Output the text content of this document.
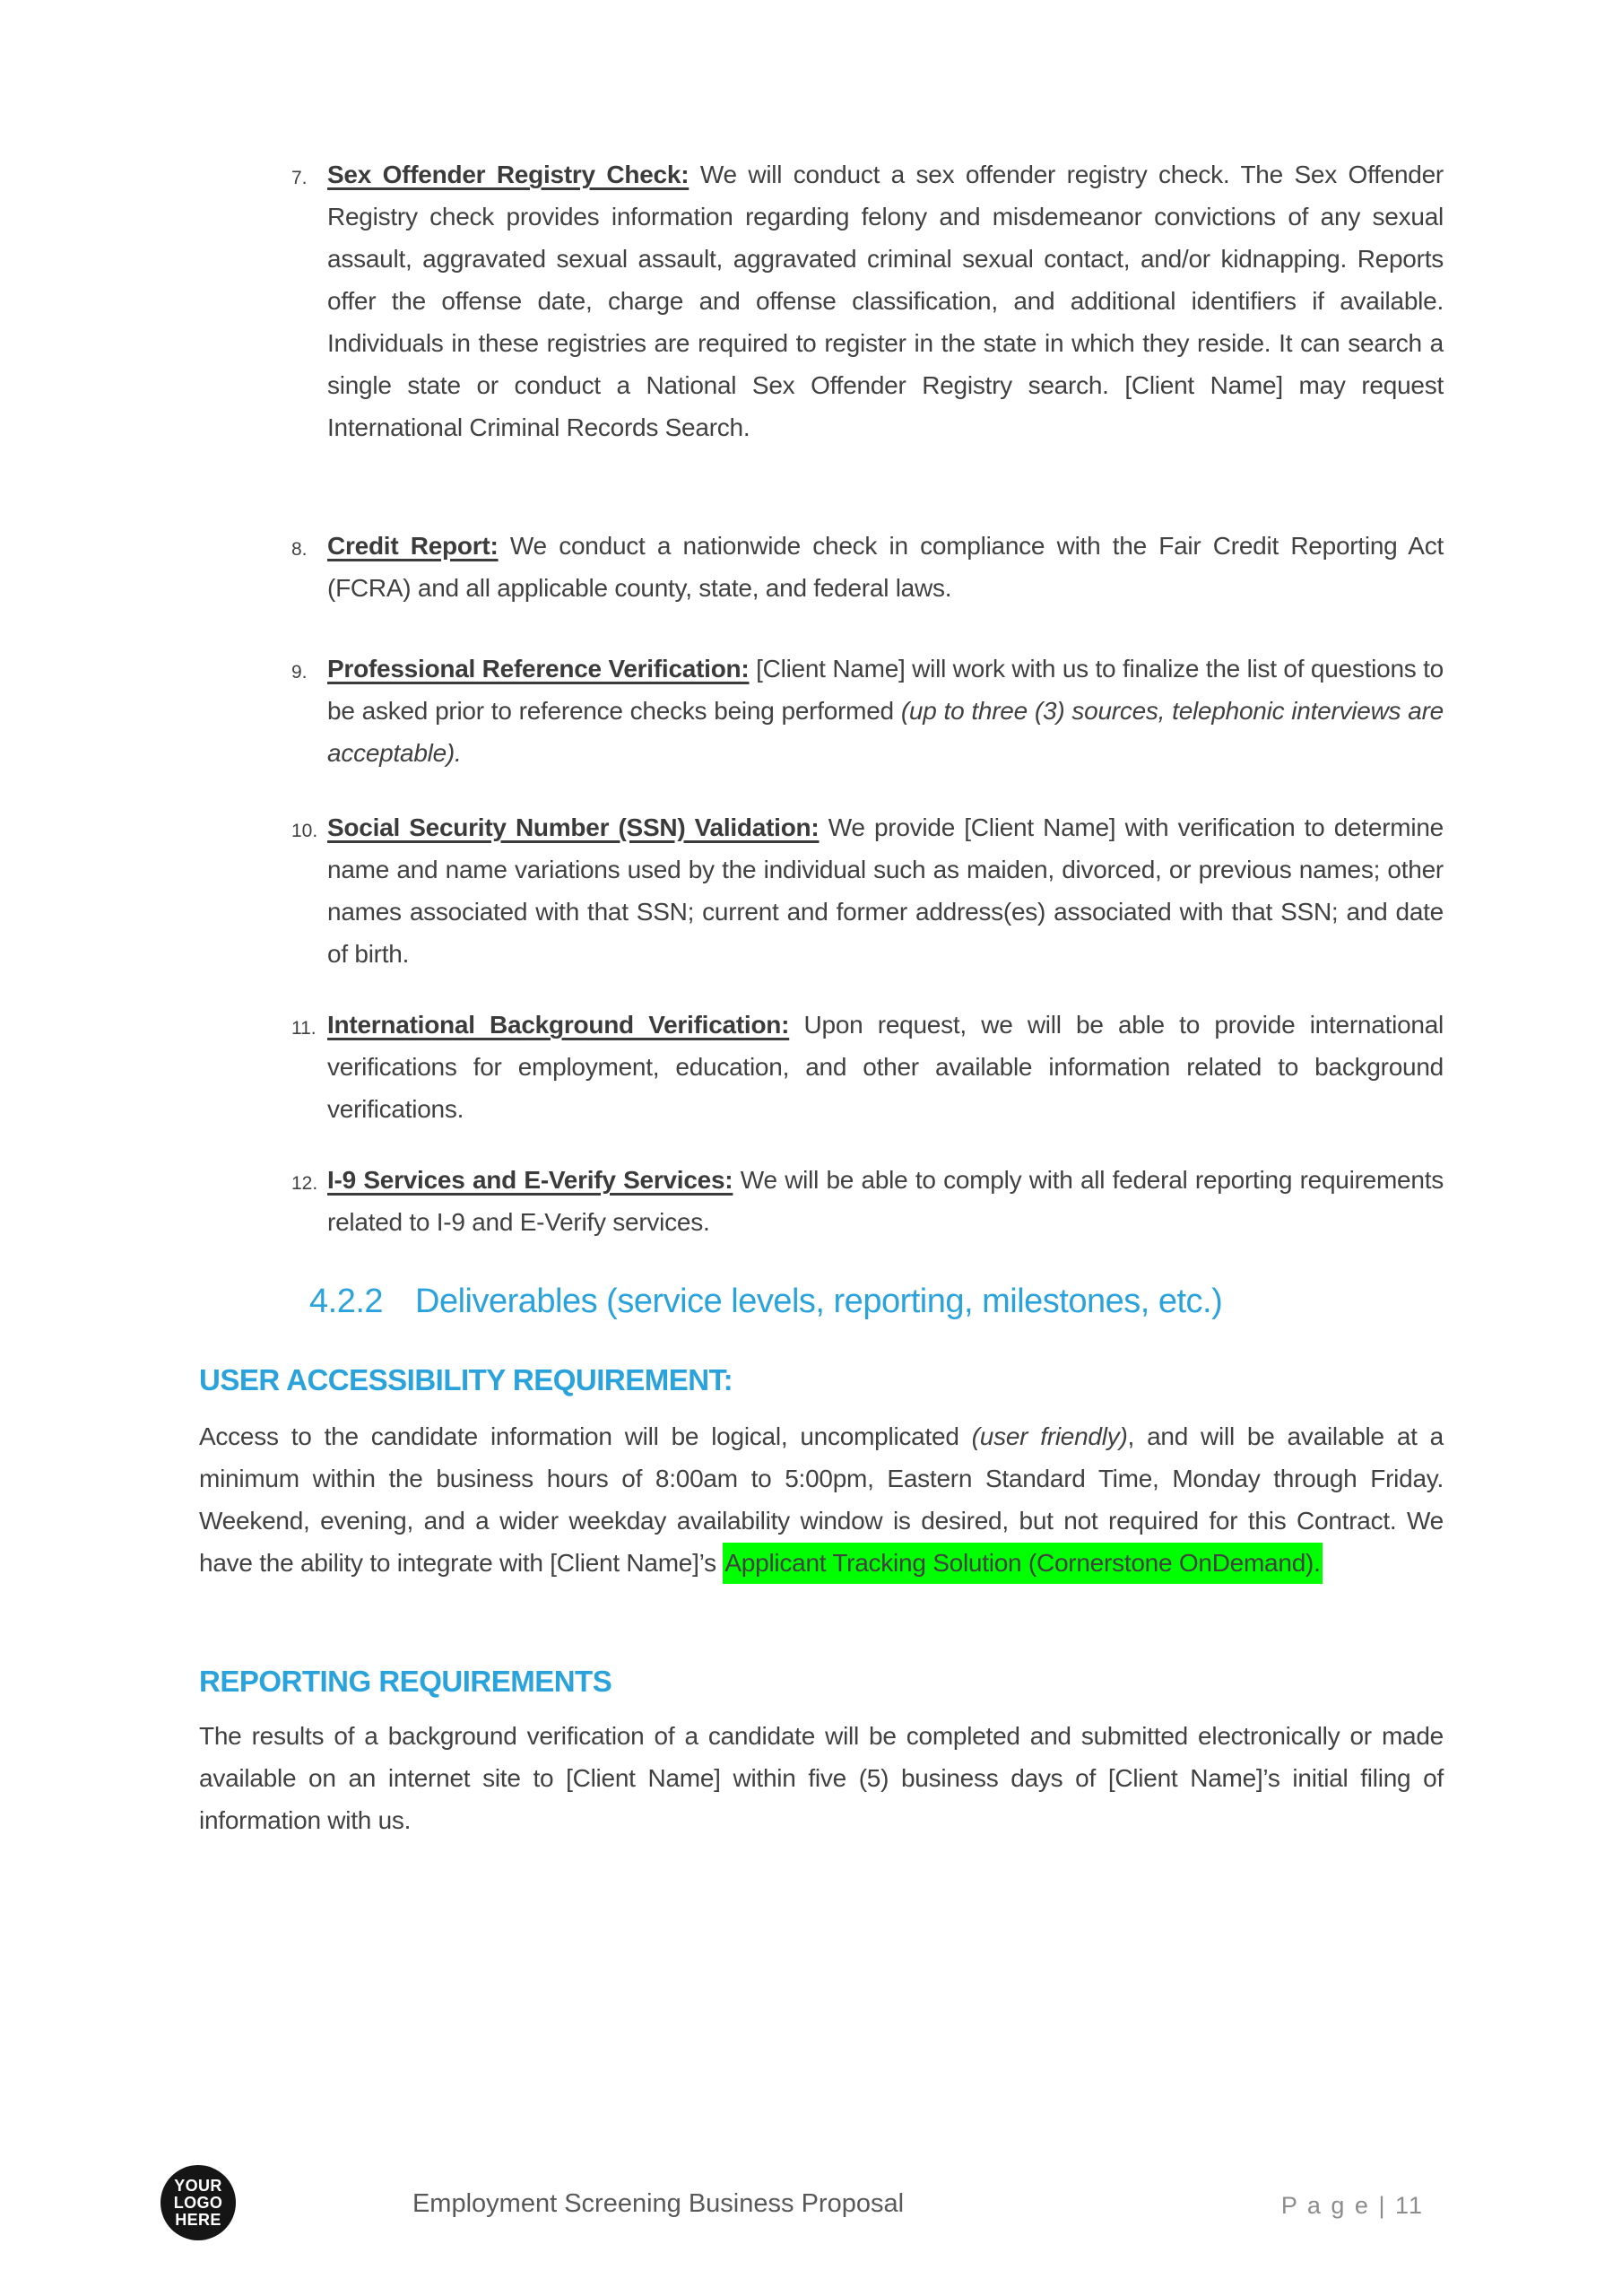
7. Sex Offender Registry Check: We will conduct a sex offender registry check. The Sex Offender Registry check provides information regarding felony and misdemeanor convictions of any sexual assault, aggravated sexual assault, aggravated criminal sexual contact, and/or kidnapping. Reports offer the offense date, charge and offense classification, and additional identifiers if available. Individuals in these registries are required to register in the state in which they reside. It can search a single state or conduct a National Sex Offender Registry search. [Client Name] may request International Criminal Records Search.

8. Credit Report: We conduct a nationwide check in compliance with the Fair Credit Reporting Act (FCRA) and all applicable county, state, and federal laws.

9. Professional Reference Verification: [Client Name] will work with us to finalize the list of questions to be asked prior to reference checks being performed (up to three (3) sources, telephonic interviews are acceptable).

10. Social Security Number (SSN) Validation: We provide [Client Name] with verification to determine name and name variations used by the individual such as maiden, divorced, or previous names; other names associated with that SSN; current and former address(es) associated with that SSN; and date of birth.

11. International Background Verification: Upon request, we will be able to provide international verifications for employment, education, and other available information related to background verifications.

12. I-9 Services and E-Verify Services: We will be able to comply with all federal reporting requirements related to I-9 and E-Verify services.

4.2.2 Deliverables (service levels, reporting, milestones, etc.)
USER ACCESSIBILITY REQUIREMENT:

Access to the candidate information will be logical, uncomplicated (user friendly), and will be available at a minimum within the business hours of 8:00am to 5:00pm, Eastern Standard Time, Monday through Friday. Weekend, evening, and a wider weekday availability window is desired, but not required for this Contract. We have the ability to integrate with [Client Name]’s Applicant Tracking Solution (Cornerstone OnDemand).

REPORTING REQUIREMENTS

The results of a background verification of a candidate will be completed and submitted electronically or made available on an internet site to [Client Name] within five (5) business days of [Client Name]’s initial filing of information with us.

YOUR
LOGO
HERE
Employment Screening Business Proposal	P a g e | 11
